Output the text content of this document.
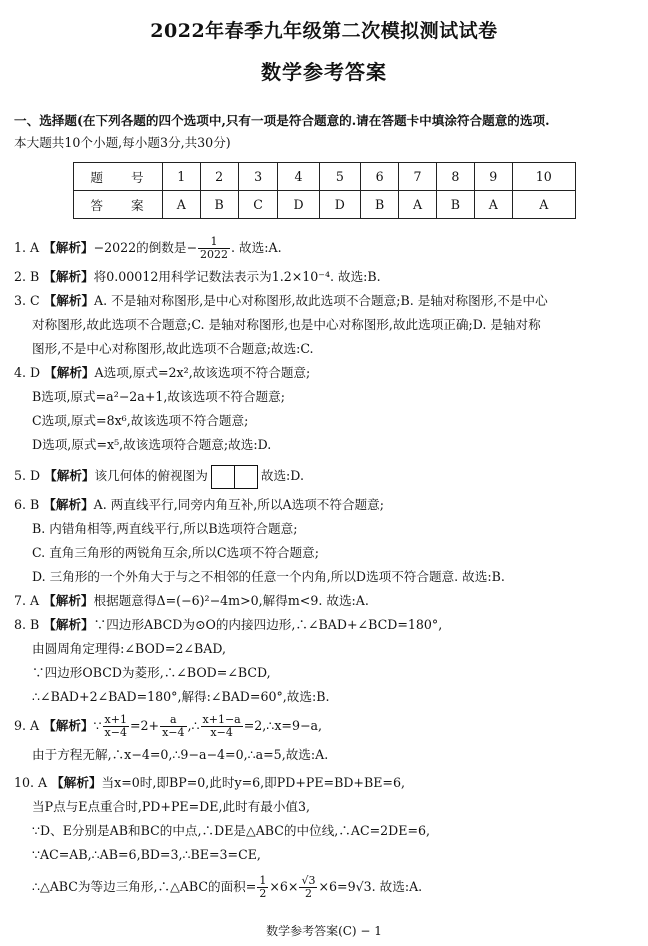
2022年春季九年级第二次模拟测试试卷
数学参考答案
一、选择题(在下列各题的四个选项中,只有一项是符合题意的.请在答题卡中填涂符合题意的选项.
本大题共10个小题,每小题3分,共30分)
题 号	1	2	3	4	5	6	7	8	9	10
答 案	A	B	C	D	D	B	A	B	A	A
1. A 【解析】−2022的倒数是− $\frac{1}{2022}$ . 故选:A.
2. B 【解析】将0.00012用科学记数法表示为1.2×10⁻⁴. 故选:B.
3. C 【解析】A. 不是轴对称图形,是中心对称图形,故此选项不合题意;B. 是轴对称图形,不是中心
对称图形,故此选项不合题意;C. 是轴对称图形,也是中心对称图形,故此选项正确;D. 是轴对称
图形,不是中心对称图形,故此选项不合题意;故选:C.
4. D 【解析】A选项,原式=2x²,故该选项不符合题意;
B选项,原式=a²−2a+1,故该选项不符合题意;
C选项,原式=8x⁶,故该选项不符合题意;
D选项,原式=x⁵,故该选项符合题意;故选:D.
5. D 【解析】该几何体的俯视图为	故选:D.
6. B 【解析】A. 两直线平行,同旁内角互补,所以A选项不符合题意;
B. 内错角相等,两直线平行,所以B选项符合题意;
C. 直角三角形的两锐角互余,所以C选项不符合题意;
D. 三角形的一个外角大于与之不相邻的任意一个内角,所以D选项不符合题意. 故选:B.
7. A 【解析】根据题意得Δ=(−6)²−4m>0,解得m<9. 故选:A.
8. B 【解析】∵四边形ABCD为⊙O的内接四边形,∴∠BAD+∠BCD=180°,
由圆周角定理得:∠BOD=2∠BAD,
∵四边形OBCD为菱形,∴∠BOD=∠BCD,
∴∠BAD+2∠BAD=180°,解得:∠BAD=60°,故选:B.
9. A 【解析】∵ $\frac{x+1}{x-4} =2+ \frac{a}{x-4}$ ,∴ $\frac{x+1-a}{x-4}$ =2,∴x=9−a,
由于方程无解,∴x−4=0,∴9−a−4=0,∴a=5,故选:A.
10. A 【解析】当x=0时,即BP=0,此时y=6,即PD+PE=BD+BE=6,
当P点与E点重合时,PD+PE=DE,此时有最小值3,
∵D、E分别是AB和BC的中点,∴DE是△ABC的中位线,∴AC=2DE=6,
∵AC=AB,∴AB=6,BD=3,∴BE=3=CE,
∴△ABC为等边三角形,∴△ABC的面积= $\frac{1}{2} \times 6\times \frac{√3}{2} \times 6=9√3$. 故选:A.
数学参考答案(C) − 1
